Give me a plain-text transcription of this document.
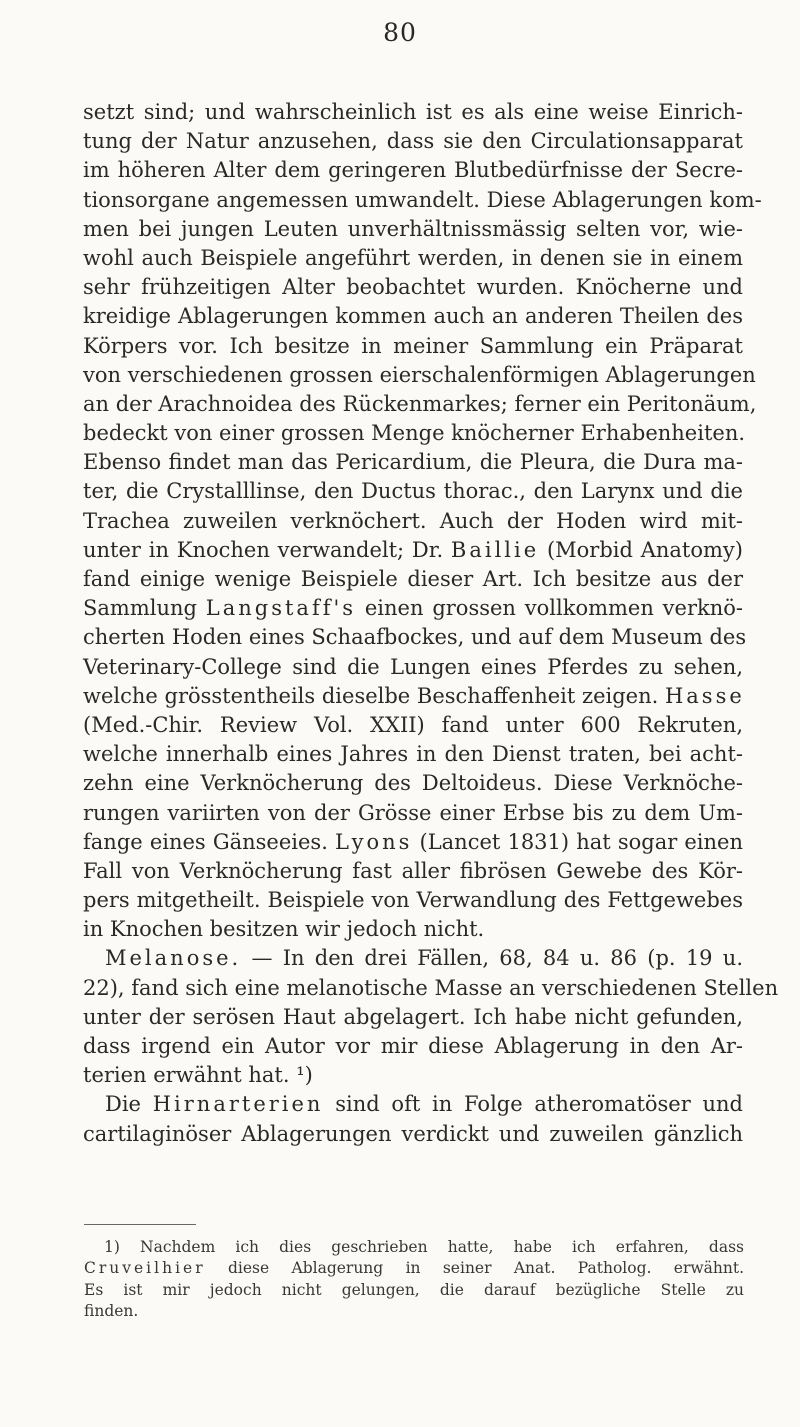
80
setzt sind; und wahrscheinlich ist es als eine weise Einrich-
tung der Natur anzusehen, dass sie den Circulationsapparat
im höheren Alter dem geringeren Blutbedürfnisse der Secre-
tionsorgane angemessen umwandelt. Diese Ablagerungen kom-
men bei jungen Leuten unverhältnissmässig selten vor, wie-
wohl auch Beispiele angeführt werden, in denen sie in einem
sehr frühzeitigen Alter beobachtet wurden. Knöcherne und
kreidige Ablagerungen kommen auch an anderen Theilen des
Körpers vor. Ich besitze in meiner Sammlung ein Präparat
von verschiedenen grossen eierschalenförmigen Ablagerungen
an der Arachnoidea des Rückenmarkes; ferner ein Peritonäum,
bedeckt von einer grossen Menge knöcherner Erhabenheiten.
Ebenso findet man das Pericardium, die Pleura, die Dura ma-
ter, die Crystalllinse, den Ductus thorac., den Larynx und die
Trachea zuweilen verknöchert. Auch der Hoden wird mit-
unter in Knochen verwandelt; Dr. Baillie (Morbid Anatomy)
fand einige wenige Beispiele dieser Art. Ich besitze aus der
Sammlung Langstaff's einen grossen vollkommen verknö-
cherten Hoden eines Schaafbockes, und auf dem Museum des
Veterinary-College sind die Lungen eines Pferdes zu sehen,
welche grösstentheils dieselbe Beschaffenheit zeigen. Hasse
(Med.-Chir. Review Vol. XXII) fand unter 600 Rekruten,
welche innerhalb eines Jahres in den Dienst traten, bei acht-
zehn eine Verknöcherung des Deltoideus. Diese Verknöche-
rungen variirten von der Grösse einer Erbse bis zu dem Um-
fange eines Gänseeies. Lyons (Lancet 1831) hat sogar einen
Fall von Verknöcherung fast aller fibrösen Gewebe des Kör-
pers mitgetheilt. Beispiele von Verwandlung des Fettgewebes
in Knochen besitzen wir jedoch nicht.
Melanose. — In den drei Fällen, 68, 84 u. 86 (p. 19 u.
22), fand sich eine melanotische Masse an verschiedenen Stellen
unter der serösen Haut abgelagert. Ich habe nicht gefunden,
dass irgend ein Autor vor mir diese Ablagerung in den Ar-
terien erwähnt hat. ¹)
Die Hirnarterien sind oft in Folge atheromatöser und
cartilaginöser Ablagerungen verdickt und zuweilen gänzlich
1) Nachdem ich dies geschrieben hatte, habe ich erfahren, dass
Cruveilhier diese Ablagerung in seiner Anat. Patholog. erwähnt.
Es ist mir jedoch nicht gelungen, die darauf bezügliche Stelle zu
finden.
